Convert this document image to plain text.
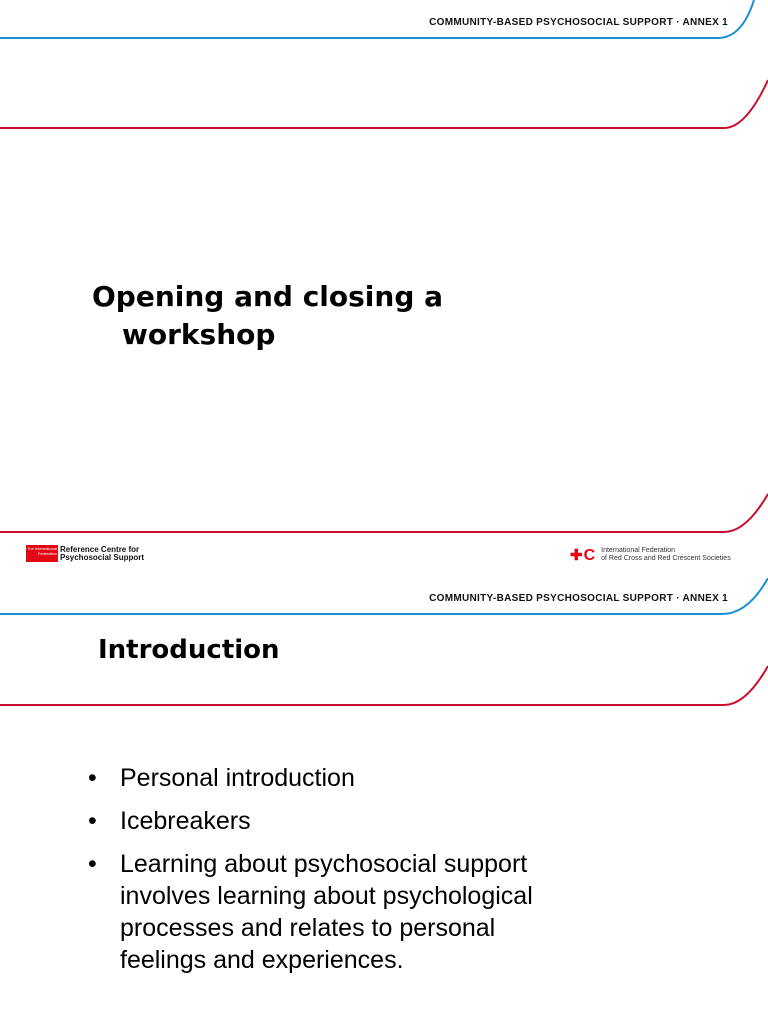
COMMUNITY-BASED PSYCHOSOCIAL SUPPORT · ANNEX 1
Opening and closing a
workshop
The International Federation Reference Centre for
Psychosocial Support	✚ C International Federation
of Red Cross and Red Crescent Societies
COMMUNITY-BASED PSYCHOSOCIAL SUPPORT · ANNEX 1
Introduction
• Personal introduction
• Icebreakers
• Learning about psychosocial support involves learning about psychological processes and relates to personal feelings and experiences.
